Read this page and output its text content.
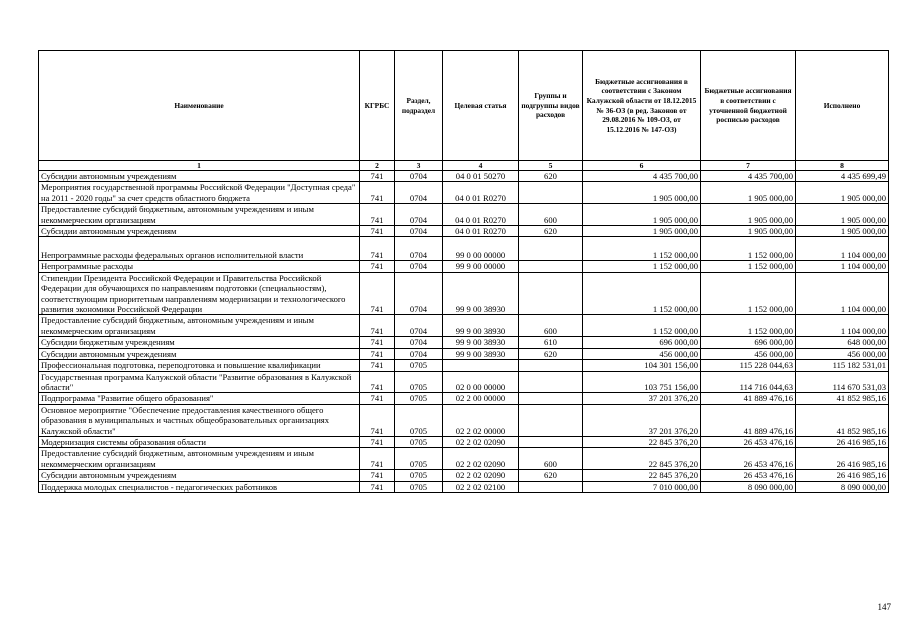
Наименование	КГРБС	Раздел, подраздел	Целевая статья	Группы и подгруппы видов расходов	Бюджетные ассигнования в соответствии с Законом Калужской области от 18.12.2015 № 36-ОЗ (в ред. Законов от 29.08.2016 № 109-ОЗ, от 15.12.2016 № 147-ОЗ)	Бюджетные ассигнования в соответствии с уточненной бюджетной росписью расходов	Исполнено
1	2	3	4	5	6	7	8
Субсидии автономным учреждениям	741	0704	04 0 01 50270	620	4 435 700,00	4 435 700,00	4 435 699,49
Мероприятия государственной программы Российской Федерации "Доступная среда" на 2011 - 2020 годы" за счет средств областного бюджета	741	0704	04 0 01 R0270		1 905 000,00	1 905 000,00	1 905 000,00
Предоставление субсидий бюджетным, автономным учреждениям и иным некоммерческим организациям	741	0704	04 0 01 R0270	600	1 905 000,00	1 905 000,00	1 905 000,00
Субсидии автономным учреждениям	741	0704	04 0 01 R0270	620	1 905 000,00	1 905 000,00	1 905 000,00
Непрограммные расходы федеральных органов исполнительной власти	741	0704	99 0 00 00000		1 152 000,00	1 152 000,00	1 104 000,00
Непрограммные расходы	741	0704	99 9 00 00000		1 152 000,00	1 152 000,00	1 104 000,00
Стипендии Президента Российской Федерации и Правительства Российской Федерации для обучающихся по направлениям подготовки (специальностям), соответствующим приоритетным направлениям модернизации и технологического развития экономики Российской Федерации	741	0704	99 9 00 38930		1 152 000,00	1 152 000,00	1 104 000,00
Предоставление субсидий бюджетным, автономным учреждениям и иным некоммерческим организациям	741	0704	99 9 00 38930	600	1 152 000,00	1 152 000,00	1 104 000,00
Субсидии бюджетным учреждениям	741	0704	99 9 00 38930	610	696 000,00	696 000,00	648 000,00
Субсидии автономным учреждениям	741	0704	99 9 00 38930	620	456 000,00	456 000,00	456 000,00
Профессиональная подготовка, переподготовка и повышение квалификации	741	0705			104 301 156,00	115 228 044,63	115 182 531,01
Государственная программа Калужской области "Развитие образования в Калужской области"	741	0705	02 0 00 00000		103 751 156,00	114 716 044,63	114 670 531,03
Подпрограмма "Развитие общего образования"	741	0705	02 2 00 00000		37 201 376,20	41 889 476,16	41 852 985,16
Основное мероприятие "Обеспечение предоставления качественного общего образования в муниципальных и частных общеобразовательных организациях Калужской области"	741	0705	02 2 02 00000		37 201 376,20	41 889 476,16	41 852 985,16
Модернизация системы образования области	741	0705	02 2 02 02090		22 845 376,20	26 453 476,16	26 416 985,16
Предоставление субсидий бюджетным, автономным учреждениям и иным некоммерческим организациям	741	0705	02 2 02 02090	600	22 845 376,20	26 453 476,16	26 416 985,16
Субсидии автономным учреждениям	741	0705	02 2 02 02090	620	22 845 376,20	26 453 476,16	26 416 985,16
Поддержка молодых специалистов - педагогических работников	741	0705	02 2 02 02100		7 010 000,00	8 090 000,00	8 090 000,00
147
